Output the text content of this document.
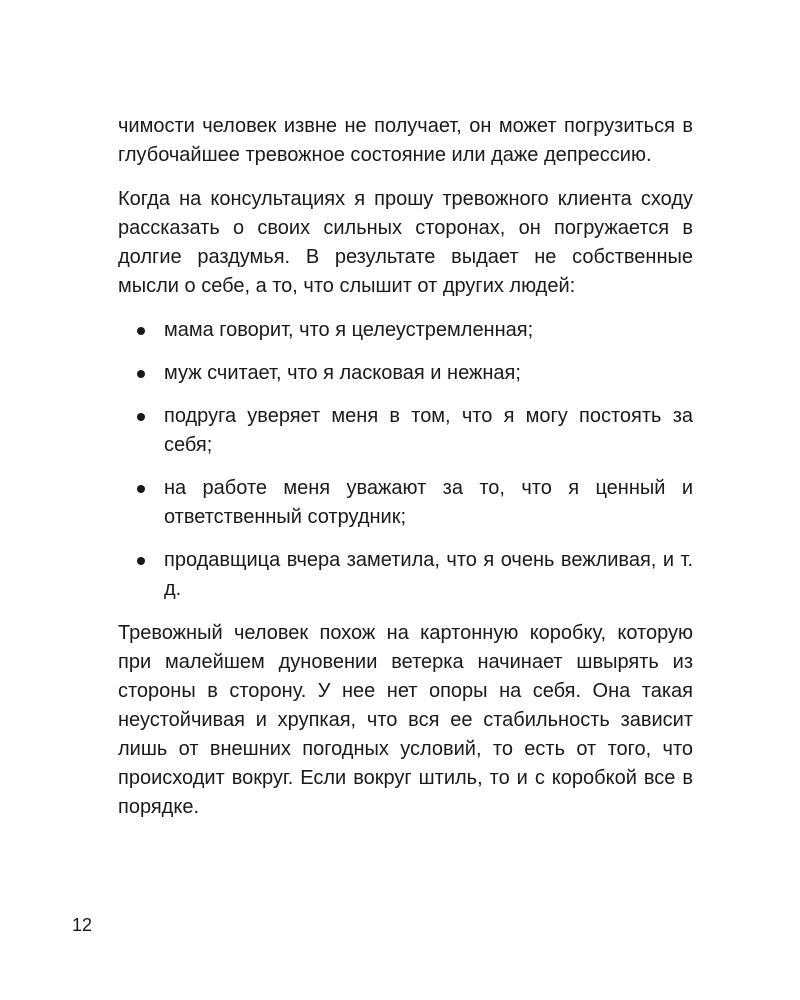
чимости человек извне не получает, он может погрузиться в глубочайшее тревожное состояние или даже депрессию.

Когда на консультациях я прошу тревожного клиента сходу рассказать о своих сильных сторонах, он погружается в долгие раздумья. В результате выдает не собственные мысли о себе, а то, что слышит от других людей:

мама говорит, что я целеустремленная;
муж считает, что я ласковая и нежная;
подруга уверяет меня в том, что я могу постоять за себя;
на работе меня уважают за то, что я ценный и ответственный сотрудник;
продавщица вчера заметила, что я очень вежливая, и т. д.

Тревожный человек похож на картонную коробку, которую при малейшем дуновении ветерка начинает швырять из стороны в сторону. У нее нет опоры на себя. Она такая неустойчивая и хрупкая, что вся ее стабильность зависит лишь от внешних погодных условий, то есть от того, что происходит вокруг. Если вокруг штиль, то и с коробкой все в порядке.

12
